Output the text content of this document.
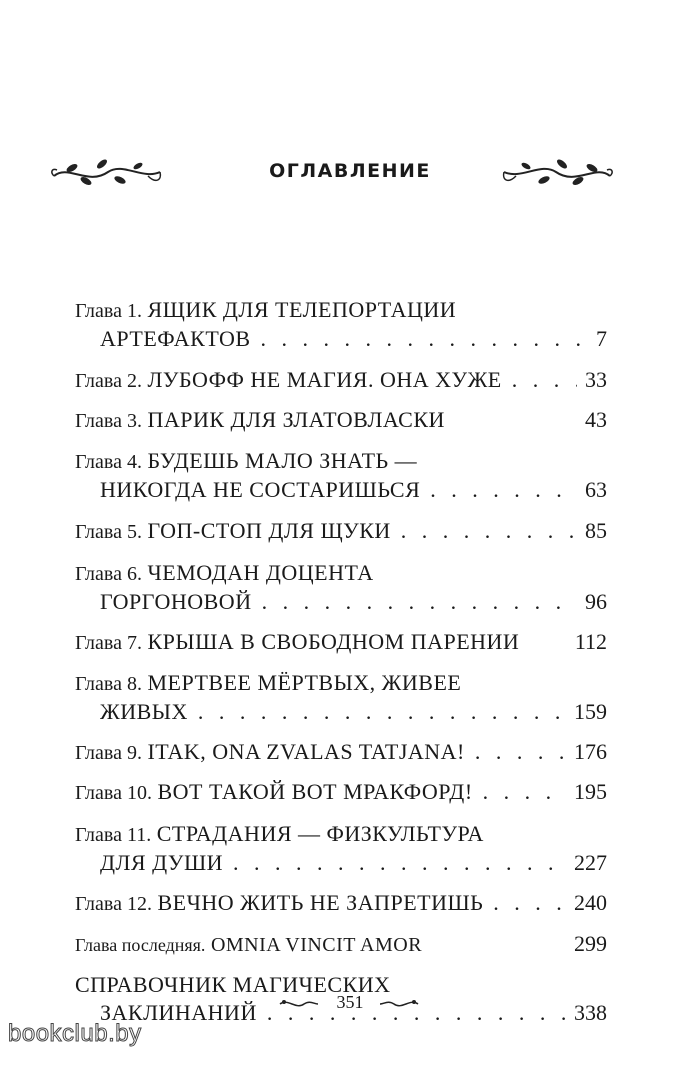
ОГЛАВЛЕНИЕ
Глава 1. ЯЩИК ДЛЯ ТЕЛЕПОРТАЦИИ
АРТЕФАКТОВ . . .	7
Глава 2.
ЛУБОФФ НЕ МАГИЯ. ОНА ХУЖЕ . . .	33
Глава 3.
ПАРИК ДЛЯ ЗЛАТОВЛАСКИ	43
Глава 4. БУДЕШЬ МАЛО ЗНАТЬ —
НИКОГДА НЕ СОСТАРИШЬСЯ . . .	63
Глава 5.
ГОП-СТОП ДЛЯ ЩУКИ . . .	85
Глава 6. ЧЕМОДАН ДОЦЕНТА
ГОРГОНОВОЙ . . .	96
Глава 7.
КРЫША В СВОБОДНОМ ПАРЕНИИ	112
Глава 8. МЕРТВЕЕ МЁРТВЫХ, ЖИВЕЕ
ЖИВЫХ . . .	159
Глава 9.
ITAK, ONA ZVALAS TATJANA! . . .	176
Глава 10.
ВОТ ТАКОЙ ВОТ МРАКФОРД! . . .	195
Глава 11. СТРАДАНИЯ — ФИЗКУЛЬТУРА
ДЛЯ ДУШИ . . .	227
Глава 12.
ВЕЧНО ЖИТЬ НЕ ЗАПРЕТИШЬ . . .	240
Глава последняя.
OMNIA VINCIT AMOR	299
СПРАВОЧНИК МАГИЧЕСКИХ
ЗАКЛИНАНИЙ . . .	338
351
bookclub.by
